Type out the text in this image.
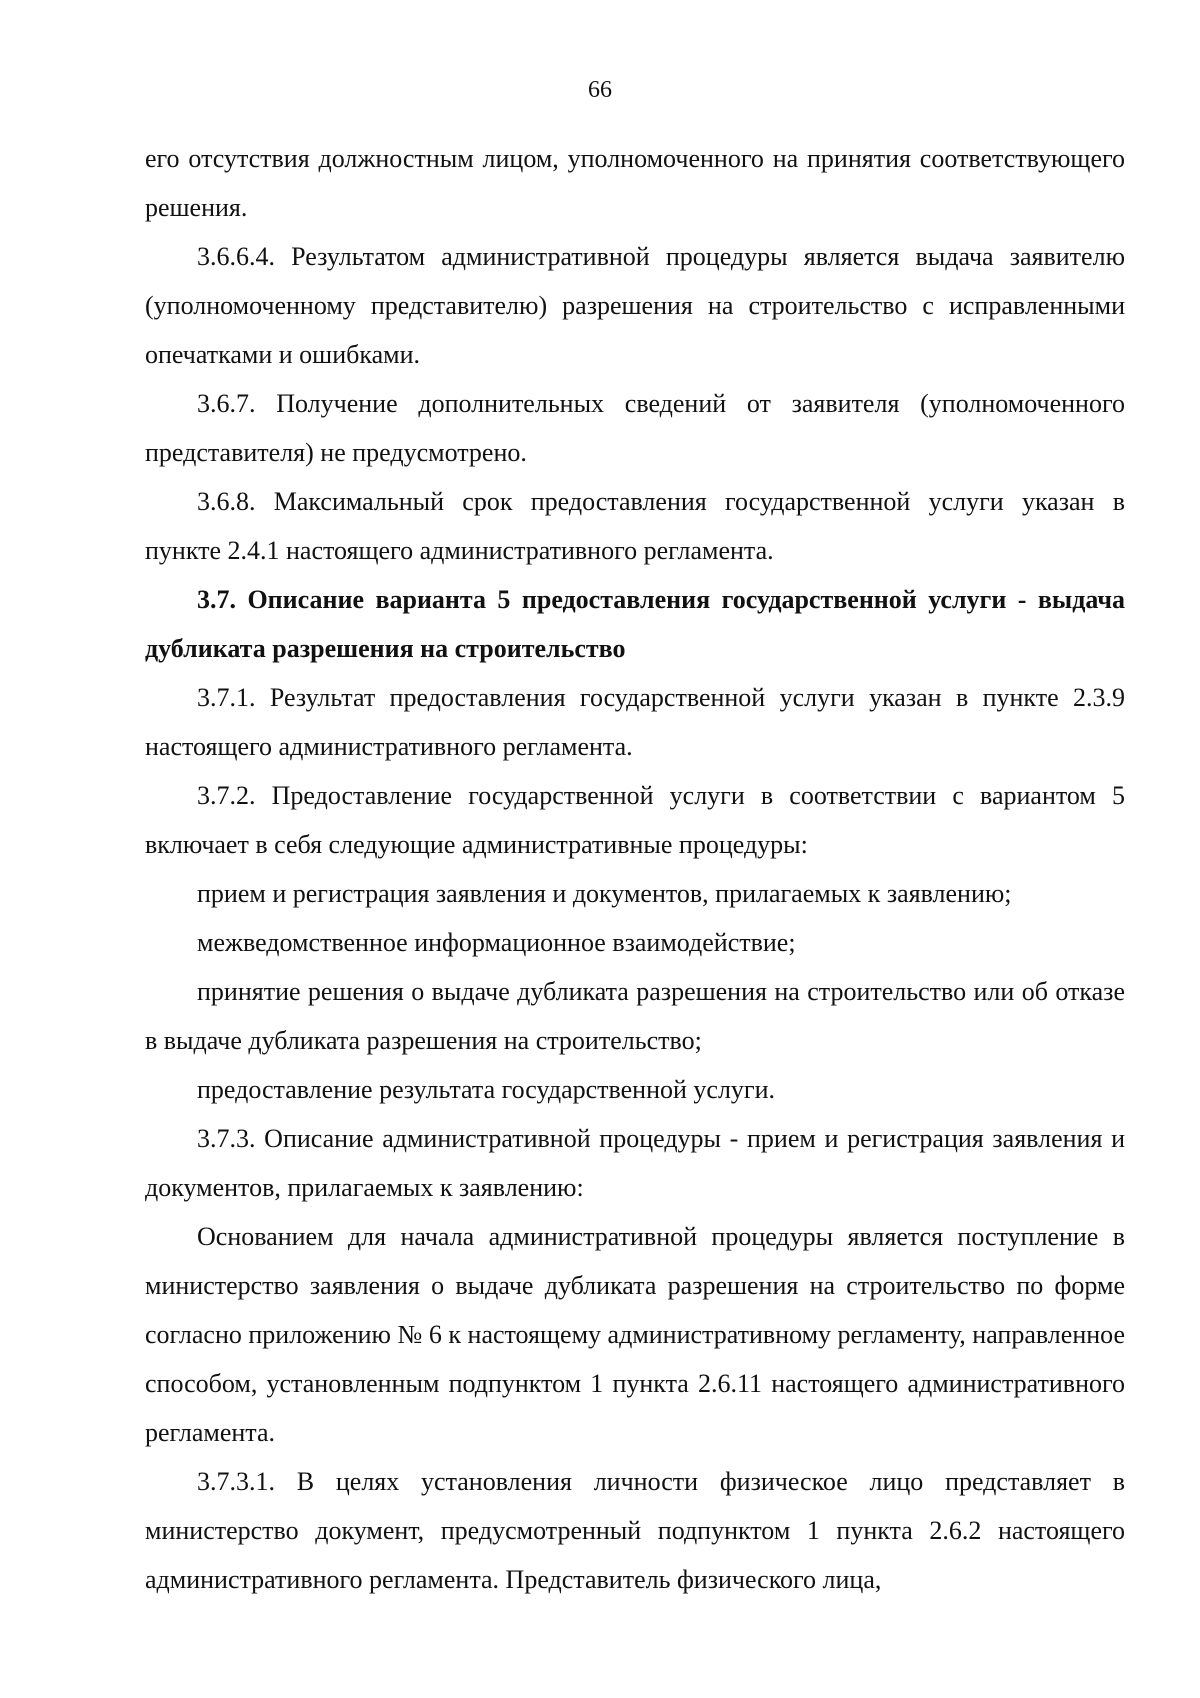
66

его отсутствия должностным лицом, уполномоченного на принятия соответствующего решения.

3.6.6.4. Результатом административной процедуры является выдача заявителю (уполномоченному представителю) разрешения на строительство с исправленными опечатками и ошибками.

3.6.7. Получение дополнительных сведений от заявителя (уполномоченного представителя) не предусмотрено.

3.6.8. Максимальный срок предоставления государственной услуги указан в пункте 2.4.1 настоящего административного регламента.

3.7. Описание варианта 5 предоставления государственной услуги - выдача дубликата разрешения на строительство

3.7.1. Результат предоставления государственной услуги указан в пункте 2.3.9 настоящего административного регламента.

3.7.2. Предоставление государственной услуги в соответствии с вариантом 5 включает в себя следующие административные процедуры:

прием и регистрация заявления и документов, прилагаемых к заявлению;

межведомственное информационное взаимодействие;

принятие решения о выдаче дубликата разрешения на строительство или об отказе в выдаче дубликата разрешения на строительство;

предоставление результата государственной услуги.

3.7.3. Описание административной процедуры - прием и регистрация заявления и документов, прилагаемых к заявлению:

Основанием для начала административной процедуры является поступление в министерство заявления о выдаче дубликата разрешения на строительство по форме согласно приложению № 6 к настоящему административному регламенту, направленное способом, установленным подпунктом 1 пункта 2.6.11 настоящего административного регламента.

3.7.3.1. В целях установления личности физическое лицо представляет в министерство документ, предусмотренный подпунктом 1 пункта 2.6.2 настоящего административного регламента. Представитель физического лица,
